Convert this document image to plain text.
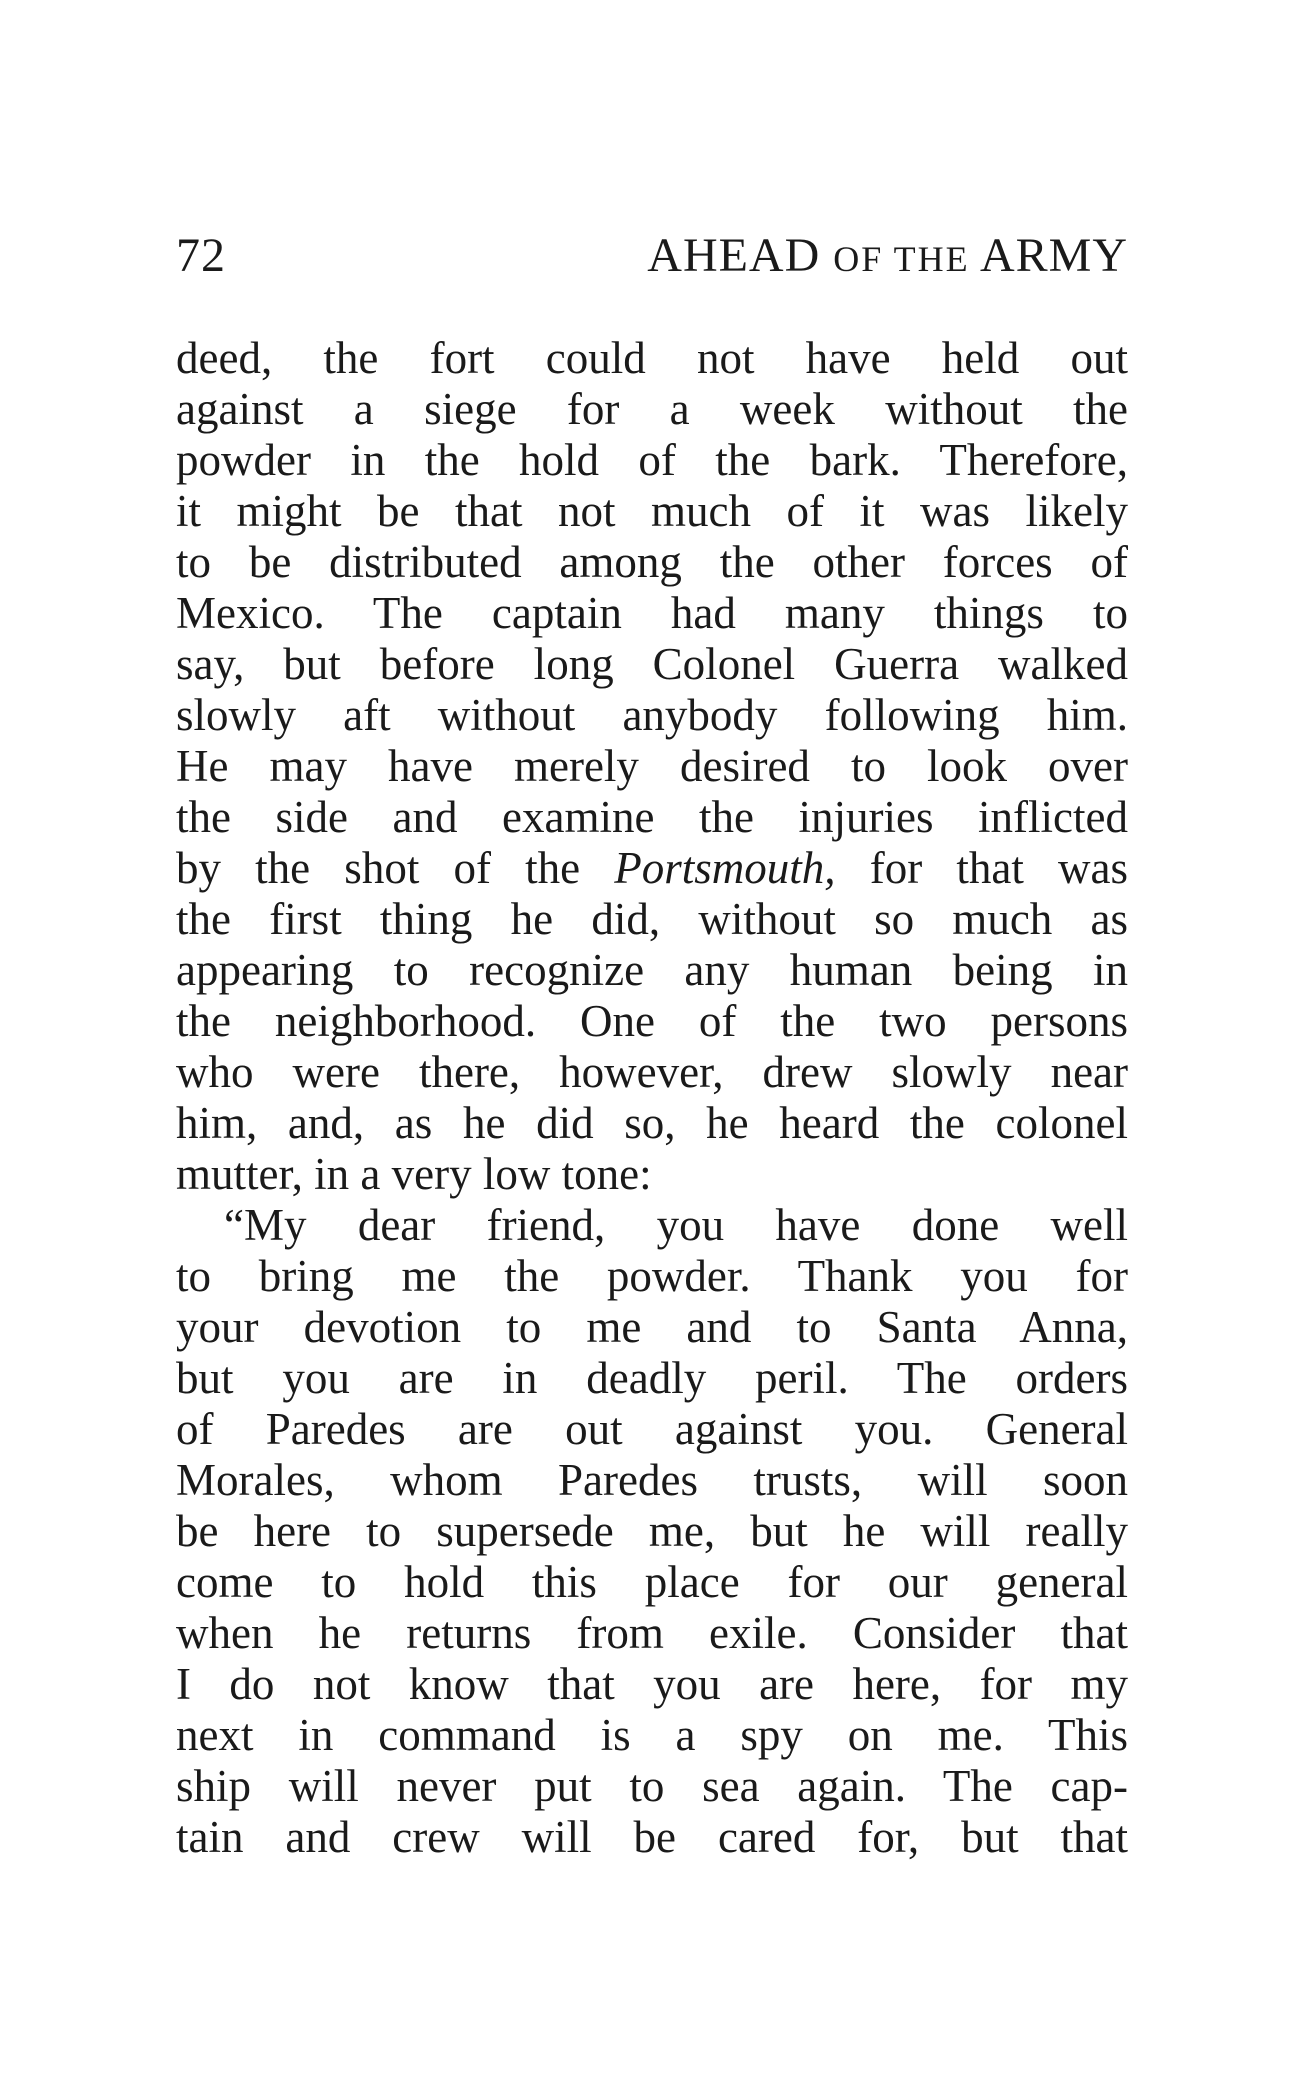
72	AHEAD OF THE ARMY
deed, the fort could not have held out
against a siege for a week without the
powder in the hold of the bark. Therefore,
it might be that not much of it was likely
to be distributed among the other forces of
Mexico. The captain had many things to
say, but before long Colonel Guerra walked
slowly aft without anybody following him.
He may have merely desired to look over
the side and examine the injuries inflicted
by the shot of the Portsmouth, for that was
the first thing he did, without so much as
appearing to recognize any human being in
the neighborhood. One of the two persons
who were there, however, drew slowly near
him, and, as he did so, he heard the colonel
mutter, in a very low tone:
“My dear friend, you have done well
to bring me the powder. Thank you for
your devotion to me and to Santa Anna,
but you are in deadly peril. The orders
of Paredes are out against you. General
Morales, whom Paredes trusts, will soon
be here to supersede me, but he will really
come to hold this place for our general
when he returns from exile. Consider that
I do not know that you are here, for my
next in command is a spy on me. This
ship will never put to sea again. The cap-
tain and crew will be cared for, but that
